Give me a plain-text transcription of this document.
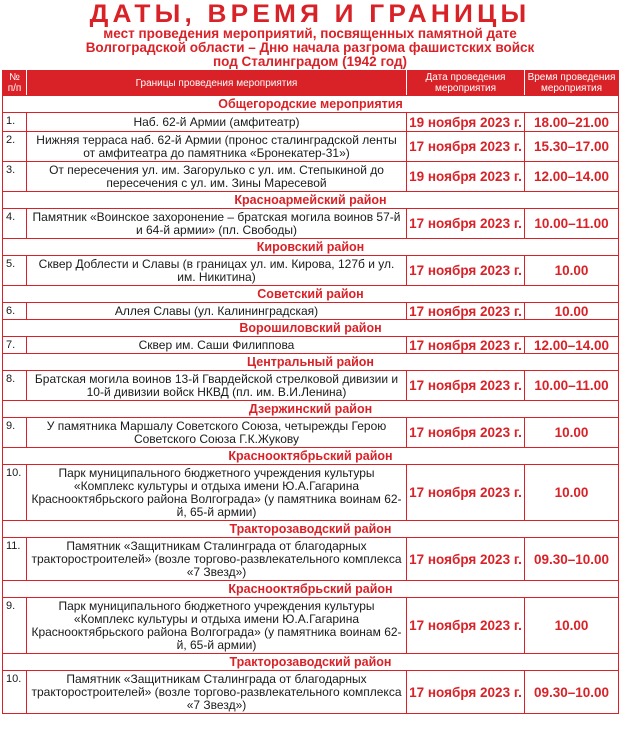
ДАТЫ, ВРЕМЯ И ГРАНИЦЫ
мест проведения мероприятий, посвященных памятной дате
Волгоградской области – Дню начала разгрома фашистских войск
под Сталинградом (1942 год)
№ п/п	Границы проведения мероприятия	Дата проведения мероприятия	Время проведения мероприятия
Общегородские мероприятия			
1.	Наб. 62-й Армии (амфитеатр)	19 ноября 2023 г.	18.00–21.00
2.	Нижняя терраса наб. 62-й Армии (пронос сталинградской ленты от амфитеатра до памятника «Бронекатер-31»)	17 ноября 2023 г.	15.30–17.00
3.	От пересечения ул. им. Загорулько с ул. им. Степыкиной до пересечения с ул. им. Зины Маресевой	19 ноября 2023 г.	12.00–14.00
Красноармейский район			
4.	Памятник «Воинское захоронение – братская могила воинов 57-й и 64-й армии» (пл. Свободы)	17 ноября 2023 г.	10.00–11.00
Кировский район			
5.	Сквер Доблести и Славы (в границах ул. им. Кирова, 127б и ул. им. Никитина)	17 ноября 2023 г.	10.00
Советский район			
6.	Аллея Славы (ул. Калининградская)	17 ноября 2023 г.	10.00
Ворошиловский район			
7.	Сквер им. Саши Филиппова	17 ноября 2023 г.	12.00–14.00
Центральный район			
8.	Братская могила воинов 13-й Гвардейской стрелковой дивизии и 10-й дивизии войск НКВД (пл. им. В.И.Ленина)	17 ноября 2023 г.	10.00–11.00
Дзержинский район			
9.	У памятника Маршалу Советского Союза, четырежды Герою Советского Союза Г.К.Жукову	17 ноября 2023 г.	10.00
Краснооктябрьский район			
10.	Парк муниципального бюджетного учреждения культуры «Комплекс культуры и отдыха имени Ю.А.Гагарина Краснооктябрьского района Волгограда» (у памятника воинам 62-й, 65-й армии)	17 ноября 2023 г.	10.00
Тракторозаводский район			
11.	Памятник «Защитникам Сталинграда от благодарных тракторостроителей» (возле торгово-развлекательного комплекса «7 Звезд»)	17 ноября 2023 г.	09.30–10.00
Краснооктябрьский район			
9.	Парк муниципального бюджетного учреждения культуры «Комплекс культуры и отдыха имени Ю.А.Гагарина Краснооктябрьского района Волгограда» (у памятника воинам 62-й, 65-й армии)	17 ноября 2023 г.	10.00
Тракторозаводский район			
10.	Памятник «Защитникам Сталинграда от благодарных тракторостроителей» (возле торгово-развлекательного комплекса «7 Звезд»)	17 ноября 2023 г.	09.30–10.00
